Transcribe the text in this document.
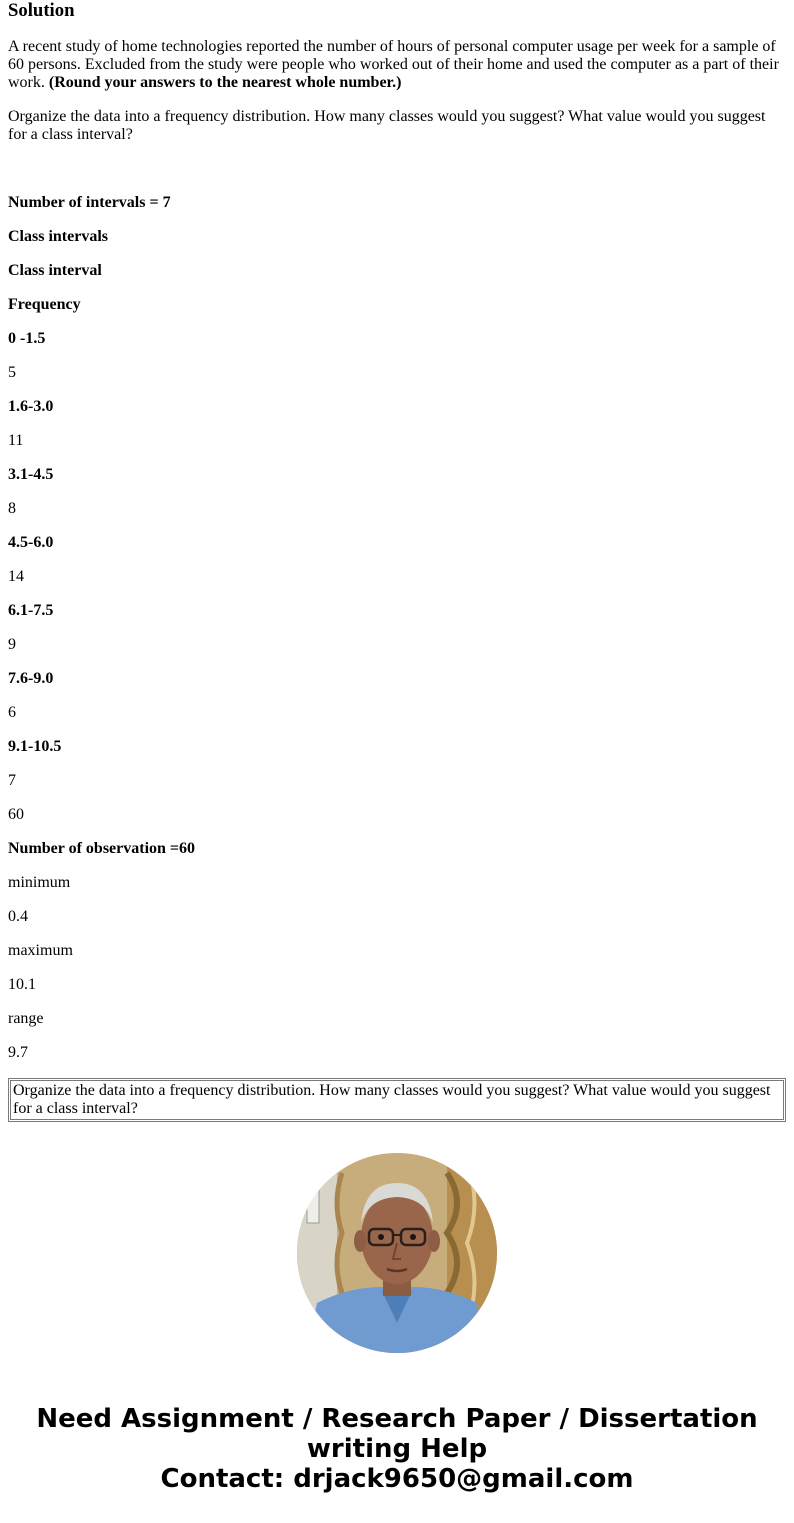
Solution

A recent study of home technologies reported the number of hours of personal computer usage per week for a sample of 60 persons. Excluded from the study were people who worked out of their home and used the computer as a part of their work. (Round your answers to the nearest whole number.)

Organize the data into a frequency distribution. How many classes would you suggest? What value would you suggest for a class interval?

Number of intervals = 7
Class intervals
Class interval
Frequency
0 -1.5
5
1.6-3.0
11
3.1-4.5
8
4.5-6.0
14
6.1-7.5
9
7.6-9.0
6
9.1-10.5
7
60
Number of observation =60
minimum
0.4
maximum
10.1
range
9.7
Organize the data into a frequency distribution. How many classes would you suggest? What value would you suggest for a class interval?
Need Assignment / Research Paper / Dissertation
writing Help
Contact: drjack9650@gmail.com
